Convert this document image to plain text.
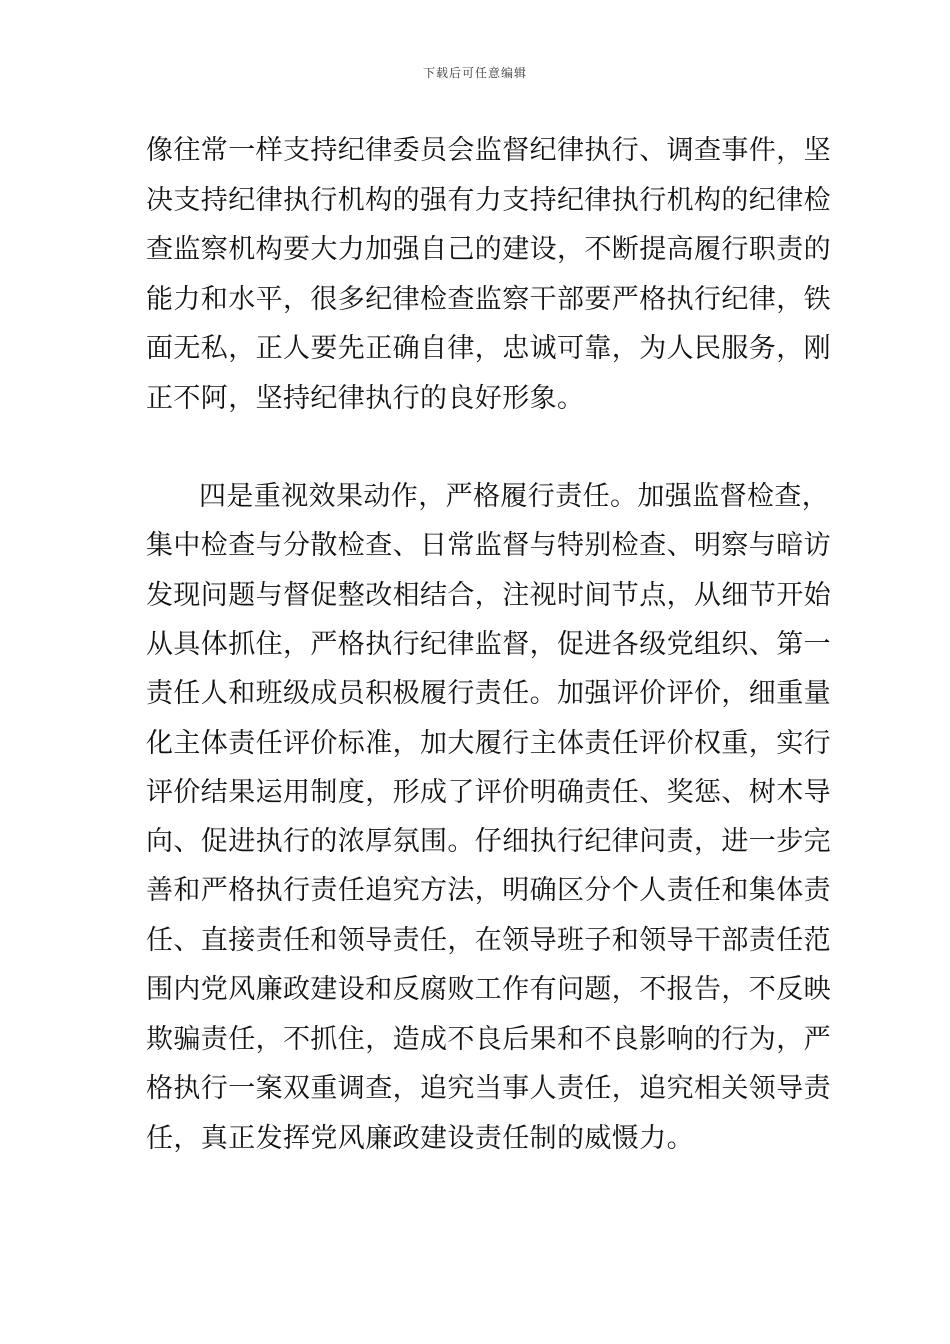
下载后可任意编辑
像往常一样支持纪律委员会监督纪律执行、调查事件，坚
决支持纪律执行机构的强有力支持纪律执行机构的纪律检
查监察机构要大力加强自己的建设，不断提高履行职责的
能力和水平，很多纪律检查监察干部要严格执行纪律，铁
面无私，正人要先正确自律，忠诚可靠，为人民服务，刚
正不阿，坚持纪律执行的良好形象。
四是重视效果动作，严格履行责任。加强监督检查，
集中检查与分散检查、日常监督与特别检查、明察与暗访
发现问题与督促整改相结合，注视时间节点，从细节开始
从具体抓住，严格执行纪律监督，促进各级党组织、第一
责任人和班级成员积极履行责任。加强评价评价，细重量
化主体责任评价标准，加大履行主体责任评价权重，实行
评价结果运用制度，形成了评价明确责任、奖惩、树木导
向、促进执行的浓厚氛围。仔细执行纪律问责，进一步完
善和严格执行责任追究方法，明确区分个人责任和集体责
任、直接责任和领导责任，在领导班子和领导干部责任范
围内党风廉政建设和反腐败工作有问题，不报告，不反映
欺骗责任，不抓住，造成不良后果和不良影响的行为，严
格执行一案双重调查，追究当事人责任，追究相关领导责
任，真正发挥党风廉政建设责任制的威慑力。
